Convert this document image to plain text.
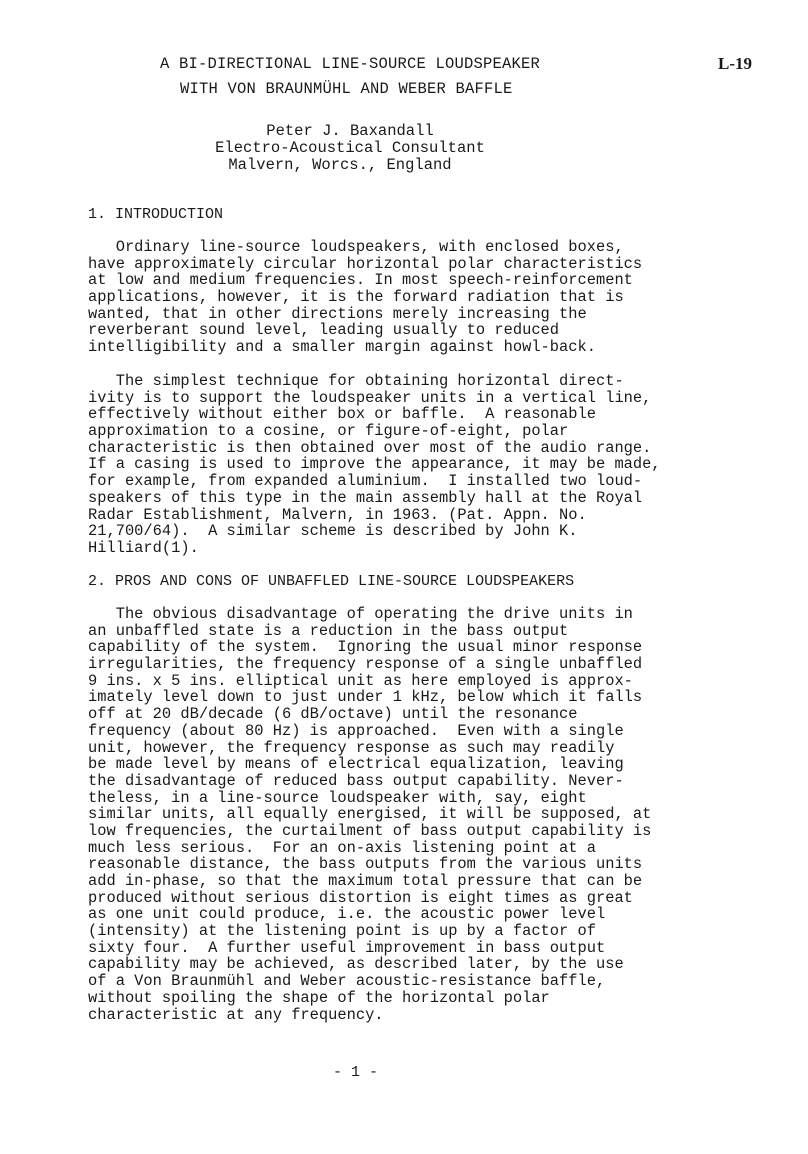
A BI-DIRECTIONAL LINE-SOURCE LOUDSPEAKER
WITH VON BRAUNMÜHL AND WEBER BAFFLE
L-19
Peter J. Baxandall
Electro-Acoustical Consultant
Malvern, Worcs., England
1. INTRODUCTION
Ordinary line-source loudspeakers, with enclosed boxes,
have approximately circular horizontal polar characteristics
at low and medium frequencies. In most speech-reinforcement
applications, however, it is the forward radiation that is
wanted, that in other directions merely increasing the
reverberant sound level, leading usually to reduced
intelligibility and a smaller margin against howl-back.
The simplest technique for obtaining horizontal direct-
ivity is to support the loudspeaker units in a vertical line,
effectively without either box or baffle.  A reasonable
approximation to a cosine, or figure-of-eight, polar
characteristic is then obtained over most of the audio range.
If a casing is used to improve the appearance, it may be made,
for example, from expanded aluminium.  I installed two loud-
speakers of this type in the main assembly hall at the Royal
Radar Establishment, Malvern, in 1963. (Pat. Appn. No.
21,700/64).  A similar scheme is described by John K.
Hilliard(1).
2. PROS AND CONS OF UNBAFFLED LINE-SOURCE LOUDSPEAKERS
The obvious disadvantage of operating the drive units in
an unbaffled state is a reduction in the bass output
capability of the system.  Ignoring the usual minor response
irregularities, the frequency response of a single unbaffled
9 ins. x 5 ins. elliptical unit as here employed is approx-
imately level down to just under 1 kHz, below which it falls
off at 20 dB/decade (6 dB/octave) until the resonance
frequency (about 80 Hz) is approached.  Even with a single
unit, however, the frequency response as such may readily
be made level by means of electrical equalization, leaving
the disadvantage of reduced bass output capability. Never-
theless, in a line-source loudspeaker with, say, eight
similar units, all equally energised, it will be supposed, at
low frequencies, the curtailment of bass output capability is
much less serious.  For an on-axis listening point at a
reasonable distance, the bass outputs from the various units
add in-phase, so that the maximum total pressure that can be
produced without serious distortion is eight times as great
as one unit could produce, i.e. the acoustic power level
(intensity) at the listening point is up by a factor of
sixty four.  A further useful improvement in bass output
capability may be achieved, as described later, by the use
of a Von Braunmühl and Weber acoustic-resistance baffle,
without spoiling the shape of the horizontal polar
characteristic at any frequency.
- 1 -
